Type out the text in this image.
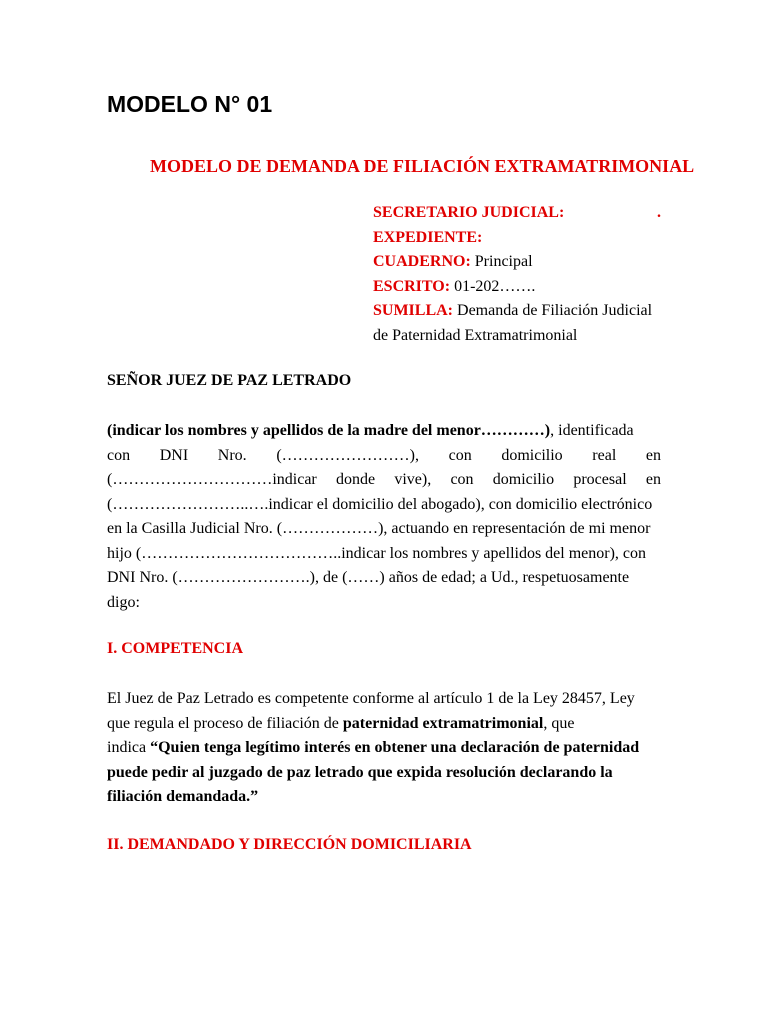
MODELO N° 01
MODELO DE DEMANDA DE FILIACIÓN EXTRAMATRIMONIAL
SECRETARIO JUDICIAL:	.
EXPEDIENTE:
CUADERNO: Principal
ESCRITO: 01-202…….
SUMILLA: Demanda de Filiación Judicial
de Paternidad Extramatrimonial
SEÑOR JUEZ DE PAZ LETRADO
(indicar los nombres y apellidos de la madre del menor…………), identificada
con DNI Nro. (……………………), con domicilio real en
(…………………………indicar donde vive), con domicilio procesal en
(……………………..….indicar el domicilio del abogado), con domicilio electrónico
en la Casilla Judicial Nro. (………………), actuando en representación de mi menor
hijo (………………………………..indicar los nombres y apellidos del menor), con
DNI Nro. (…………………….), de (……) años de edad; a Ud., respetuosamente
digo:
I. COMPETENCIA
El Juez de Paz Letrado es competente conforme al artículo 1 de la Ley 28457, Ley
que regula el proceso de filiación de paternidad extramatrimonial, que
indica “Quien tenga legítimo interés en obtener una declaración de paternidad
puede pedir al juzgado de paz letrado que expida resolución declarando la
filiación demandada.”
II. DEMANDADO Y DIRECCIÓN DOMICILIARIA
